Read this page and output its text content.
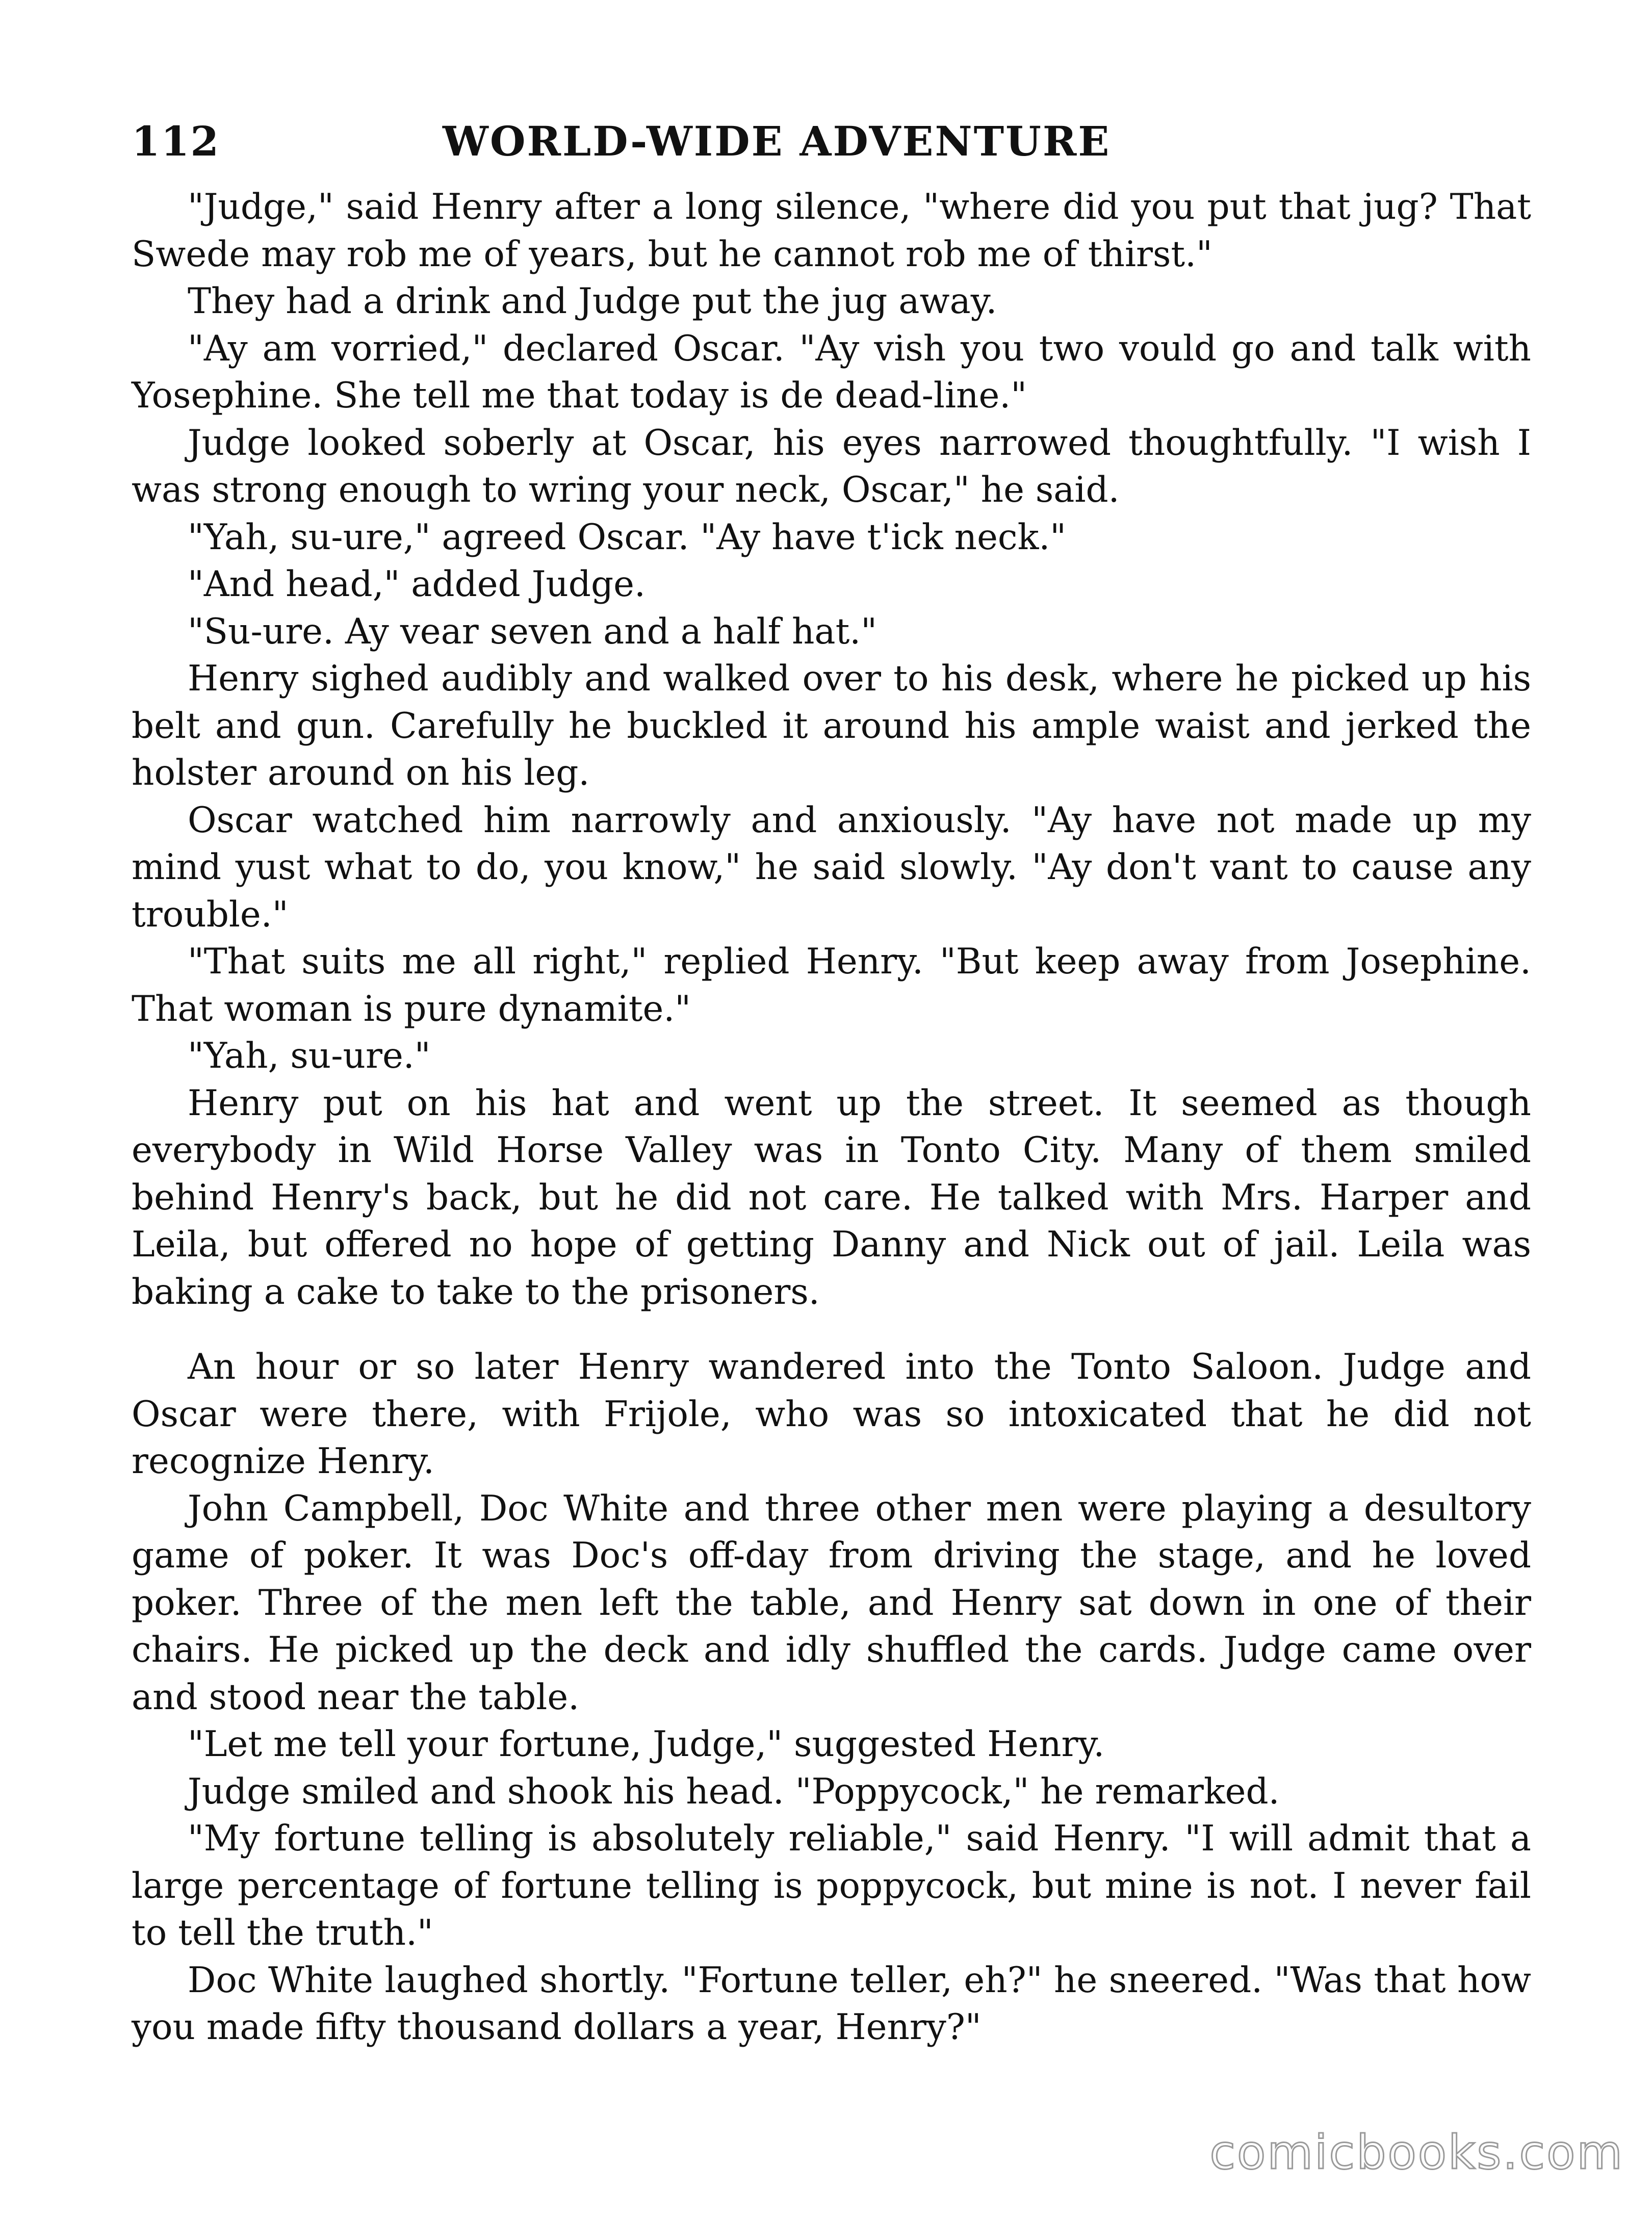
112	WORLD-WIDE ADVENTURE

"Judge," said Henry after a long silence, "where did you put that jug? That Swede may rob me of years, but he cannot rob me of thirst."

They had a drink and Judge put the jug away.

"Ay am vorried," declared Oscar. "Ay vish you two vould go and talk with Yosephine. She tell me that today is de dead-line."

Judge looked soberly at Oscar, his eyes narrowed thoughtfully. "I wish I was strong enough to wring your neck, Oscar," he said.

"Yah, su-ure," agreed Oscar. "Ay have t'ick neck."

"And head," added Judge.

"Su-ure. Ay vear seven and a half hat."

Henry sighed audibly and walked over to his desk, where he picked up his belt and gun. Carefully he buckled it around his ample waist and jerked the holster around on his leg.

Oscar watched him narrowly and anxiously. "Ay have not made up my mind yust what to do, you know," he said slowly. "Ay don't vant to cause any trouble."

"That suits me all right," replied Henry. "But keep away from Josephine. That woman is pure dynamite."

"Yah, su-ure."

Henry put on his hat and went up the street. It seemed as though everybody in Wild Horse Valley was in Tonto City. Many of them smiled behind Henry's back, but he did not care. He talked with Mrs. Harper and Leila, but offered no hope of getting Danny and Nick out of jail. Leila was baking a cake to take to the prisoners.

An hour or so later Henry wandered into the Tonto Saloon. Judge and Oscar were there, with Frijole, who was so intoxicated that he did not recognize Henry.

John Campbell, Doc White and three other men were playing a desultory game of poker. It was Doc's off-day from driving the stage, and he loved poker. Three of the men left the table, and Henry sat down in one of their chairs. He picked up the deck and idly shuffled the cards. Judge came over and stood near the table.

"Let me tell your fortune, Judge," suggested Henry.

Judge smiled and shook his head. "Poppycock," he remarked.

"My fortune telling is absolutely reliable," said Henry. "I will admit that a large percentage of fortune telling is poppycock, but mine is not. I never fail to tell the truth."

Doc White laughed shortly. "Fortune teller, eh?" he sneered. "Was that how you made fifty thousand dollars a year, Henry?"

comicbooks.com
